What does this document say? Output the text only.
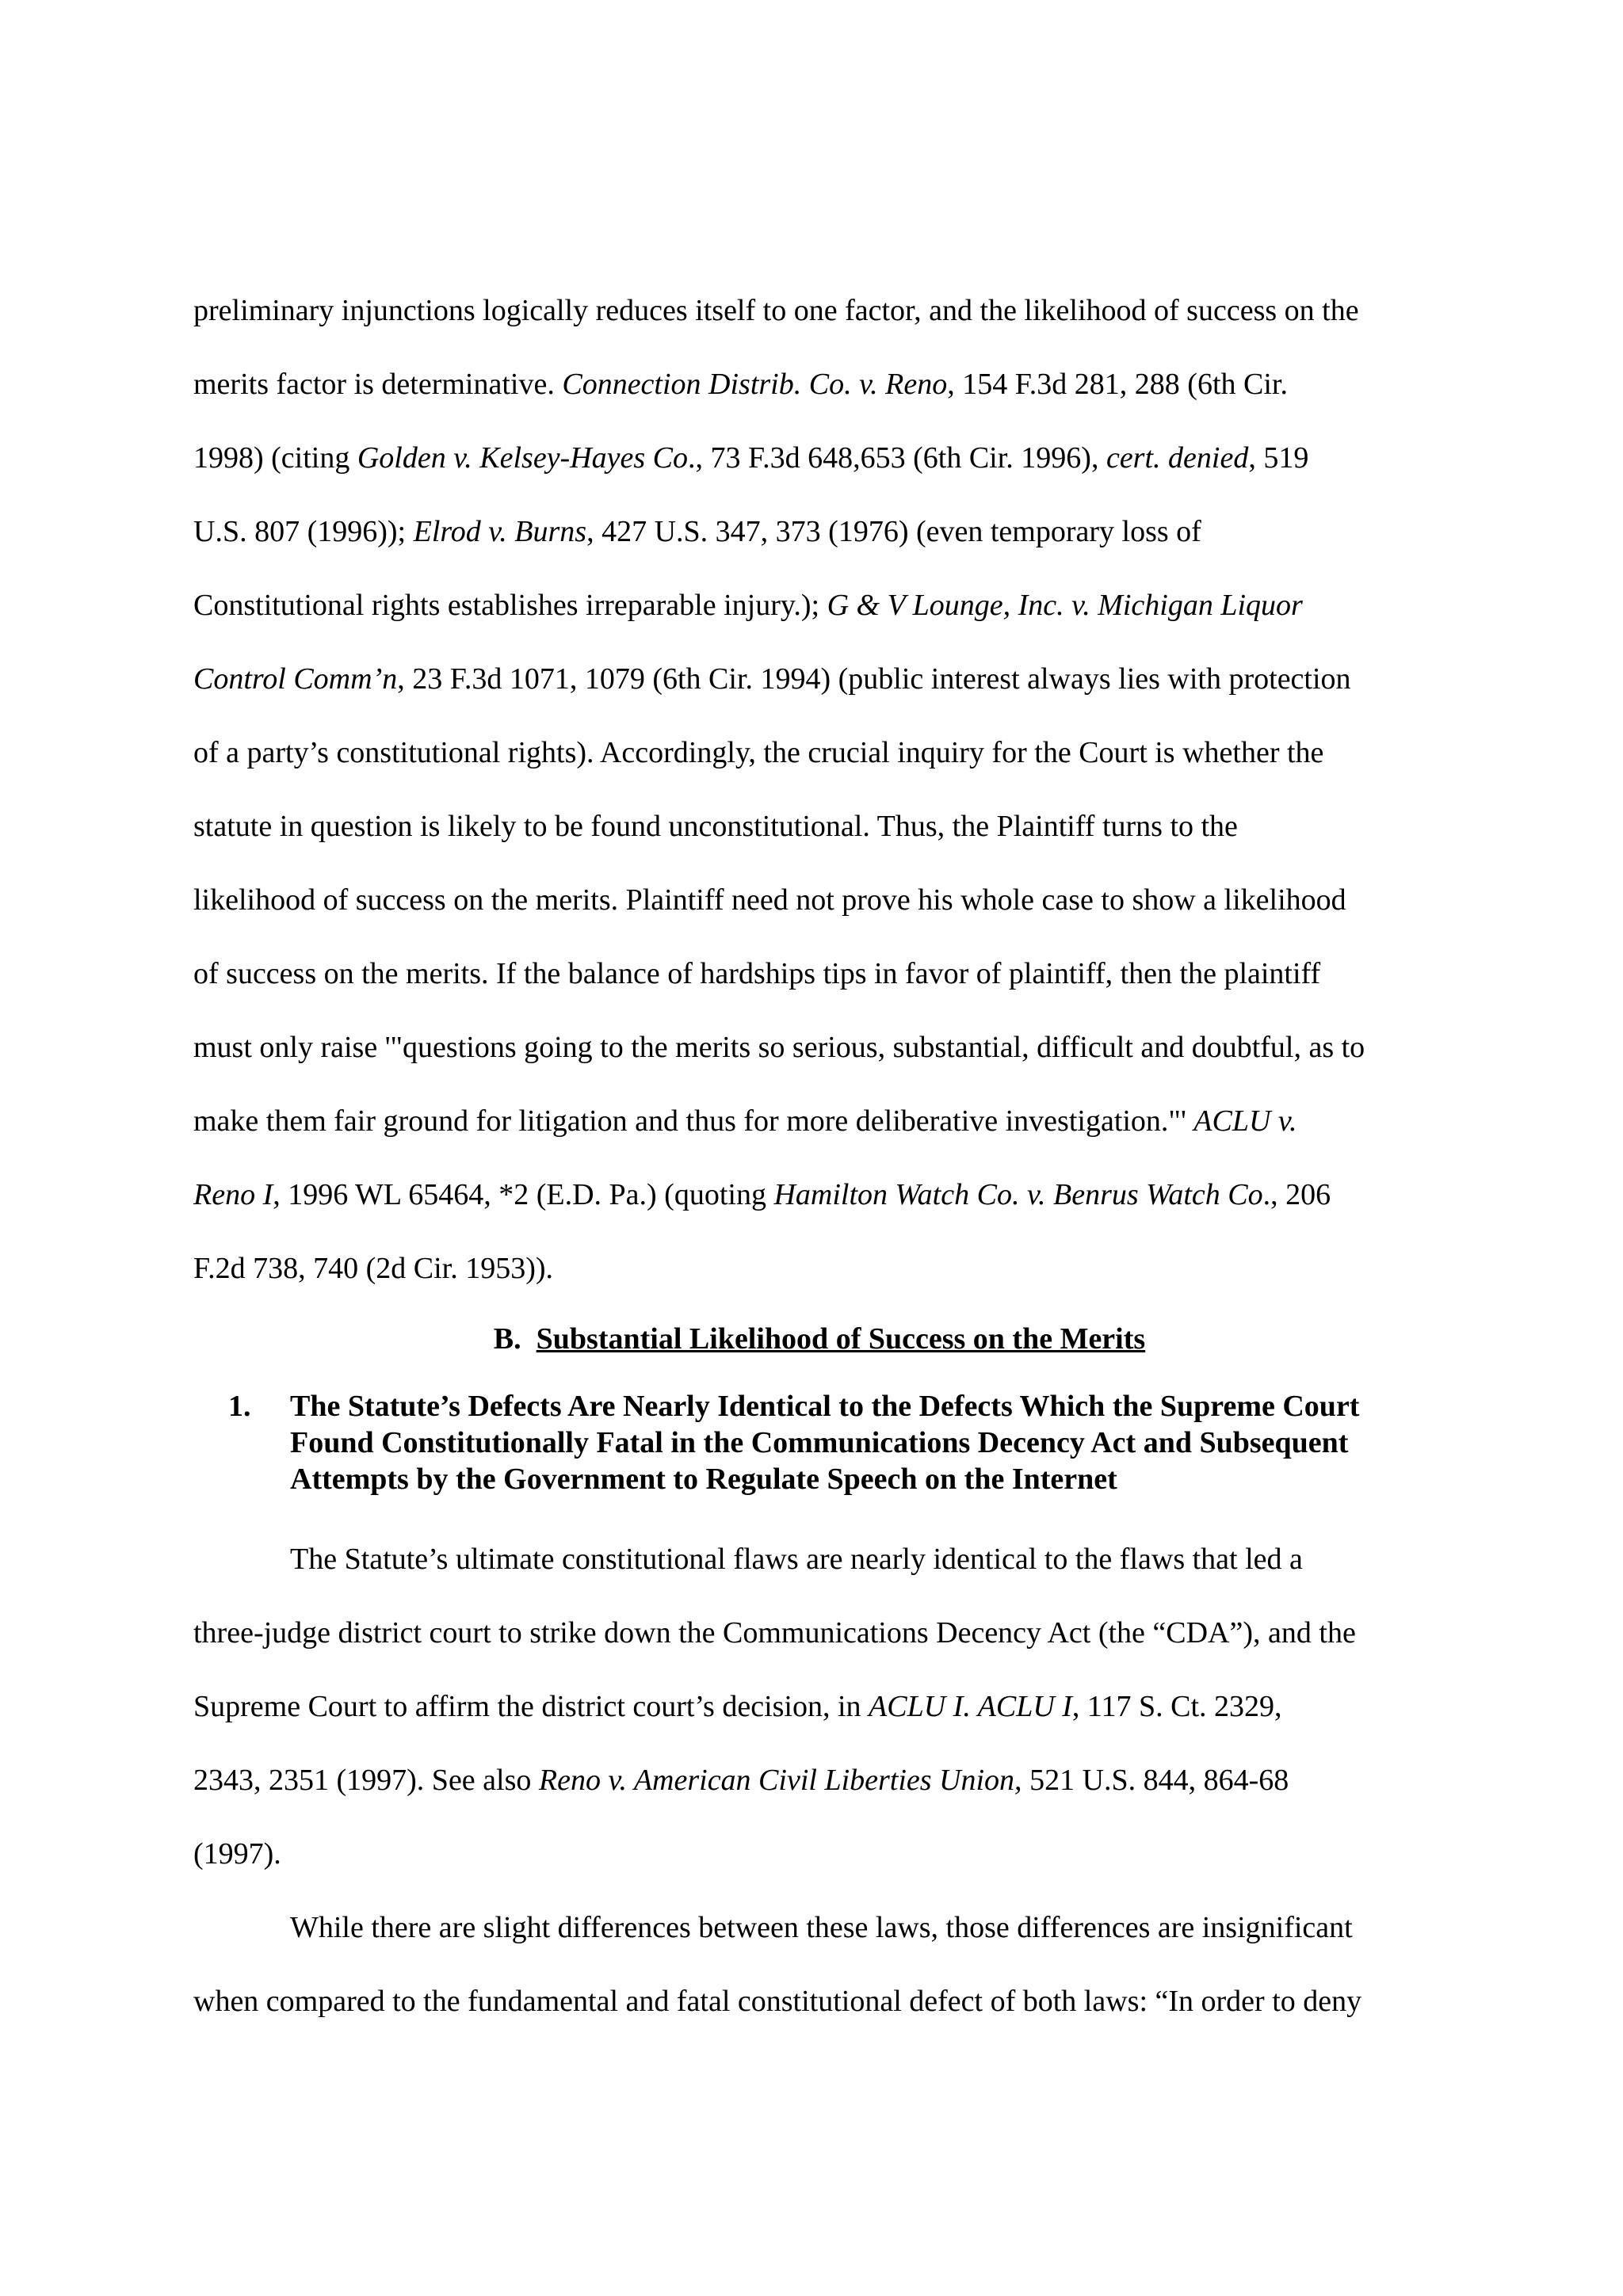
preliminary injunctions logically reduces itself to one factor, and the likelihood of success on the
merits factor is determinative. Connection Distrib. Co. v. Reno, 154 F.3d 281, 288 (6th Cir.
1998) (citing Golden v. Kelsey-Hayes Co., 73 F.3d 648,653 (6th Cir. 1996), cert. denied, 519
U.S. 807 (1996)); Elrod v. Burns, 427 U.S. 347, 373 (1976) (even temporary loss of
Constitutional rights establishes irreparable injury.); G & V Lounge, Inc. v. Michigan Liquor
Control Comm’n, 23 F.3d 1071, 1079 (6th Cir. 1994) (public interest always lies with protection
of a party’s constitutional rights). Accordingly, the crucial inquiry for the Court is whether the
statute in question is likely to be found unconstitutional. Thus, the Plaintiff turns to the
likelihood of success on the merits. Plaintiff need not prove his whole case to show a likelihood
of success on the merits. If the balance of hardships tips in favor of plaintiff, then the plaintiff
must only raise '"questions going to the merits so serious, substantial, difficult and doubtful, as to
make them fair ground for litigation and thus for more deliberative investigation."' ACLU v.
Reno I, 1996 WL 65464, *2 (E.D. Pa.) (quoting Hamilton Watch Co. v. Benrus Watch Co., 206
F.2d 738, 740 (2d Cir. 1953)).
B. Substantial Likelihood of Success on the Merits
1. The Statute’s Defects Are Nearly Identical to the Defects Which the Supreme Court
Found Constitutionally Fatal in the Communications Decency Act and Subsequent
Attempts by the Government to Regulate Speech on the Internet
The Statute’s ultimate constitutional flaws are nearly identical to the flaws that led a
three-judge district court to strike down the Communications Decency Act (the “CDA”), and the
Supreme Court to affirm the district court’s decision, in ACLU I. ACLU I, 117 S. Ct. 2329,
2343, 2351 (1997). See also Reno v. American Civil Liberties Union, 521 U.S. 844, 864-68
(1997).
While there are slight differences between these laws, those differences are insignificant
when compared to the fundamental and fatal constitutional defect of both laws: “In order to deny
